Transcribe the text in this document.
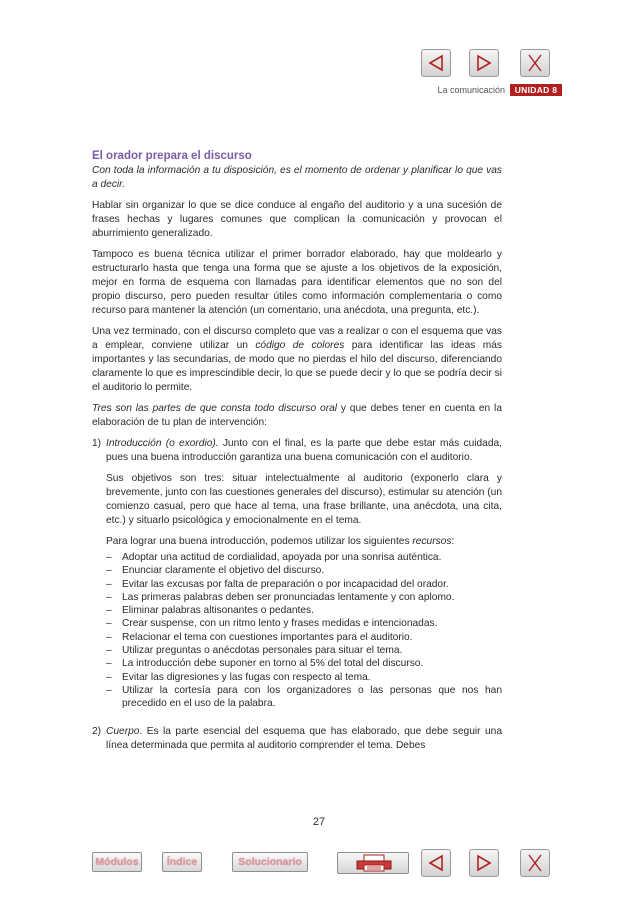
La comunicación	UNIDAD 8
El orador prepara el discurso

Con toda la información a tu disposición, es el momento de ordenar y planificar lo que vas a decir.

Hablar sin organizar lo que se dice conduce al engaño del auditorio y a una sucesión de frases hechas y lugares comunes que complican la comunicación y provocan el aburrimiento generalizado.

Tampoco es buena técnica utilizar el primer borrador elaborado, hay que moldearlo y estructurarlo hasta que tenga una forma que se ajuste a los objetivos de la exposición, mejor en forma de esquema con llamadas para identificar elementos que no son del propio discurso, pero pueden resultar útiles como información complementaria o como recurso para mantener la atención (un comentario, una anécdota, una pregunta, etc.).

Una vez terminado, con el discurso completo que vas a realizar o con el esquema que vas a emplear, conviene utilizar un código de colores para identificar las ideas más importantes y las secundarias, de modo que no pierdas el hilo del discurso, diferenciando claramente lo que es imprescindible decir, lo que se puede decir y lo que se podría decir si el auditorio lo permite.

Tres son las partes de que consta todo discurso oral y que debes tener en cuenta en la elaboración de tu plan de intervención:

1) Introducción (o exordio). Junto con el final, es la parte que debe estar más cuidada, pues una buena introducción garantiza una buena comunicación con el auditorio.

Sus objetivos son tres: situar intelectualmente al auditorio (exponerlo clara y brevemente, junto con las cuestiones generales del discurso), estimular su atención (un comienzo casual, pero que hace al tema, una frase brillante, una anécdota, una cita, etc.) y situarlo psicológica y emocionalmente en el tema.

Para lograr una buena introducción, podemos utilizar los siguientes recursos:

–	Adoptar una actitud de cordialidad, apoyada por una sonrisa auténtica.
–	Enunciar claramente el objetivo del discurso.
–	Evitar las excusas por falta de preparación o por incapacidad del orador.
–	Las primeras palabras deben ser pronunciadas lentamente y con aplomo.
–	Eliminar palabras altisonantes o pedantes.
–	Crear suspense, con un ritmo lento y frases medidas e intencionadas.
–	Relacionar el tema con cuestiones importantes para el auditorio.
–	Utilizar preguntas o anécdotas personales para situar el tema.
–	La introducción debe suponer en torno al 5% del total del discurso.
–	Evitar las digresiones y las fugas con respecto al tema.
–	Utilizar la cortesía para con los organizadores o las personas que nos han precedido en el uso de la palabra.
2) Cuerpo. Es la parte esencial del esquema que has elaborado, que debe seguir una línea determinada que permita al auditorio comprender el tema. Debes

27
Módulos	Índice	Solucionario
